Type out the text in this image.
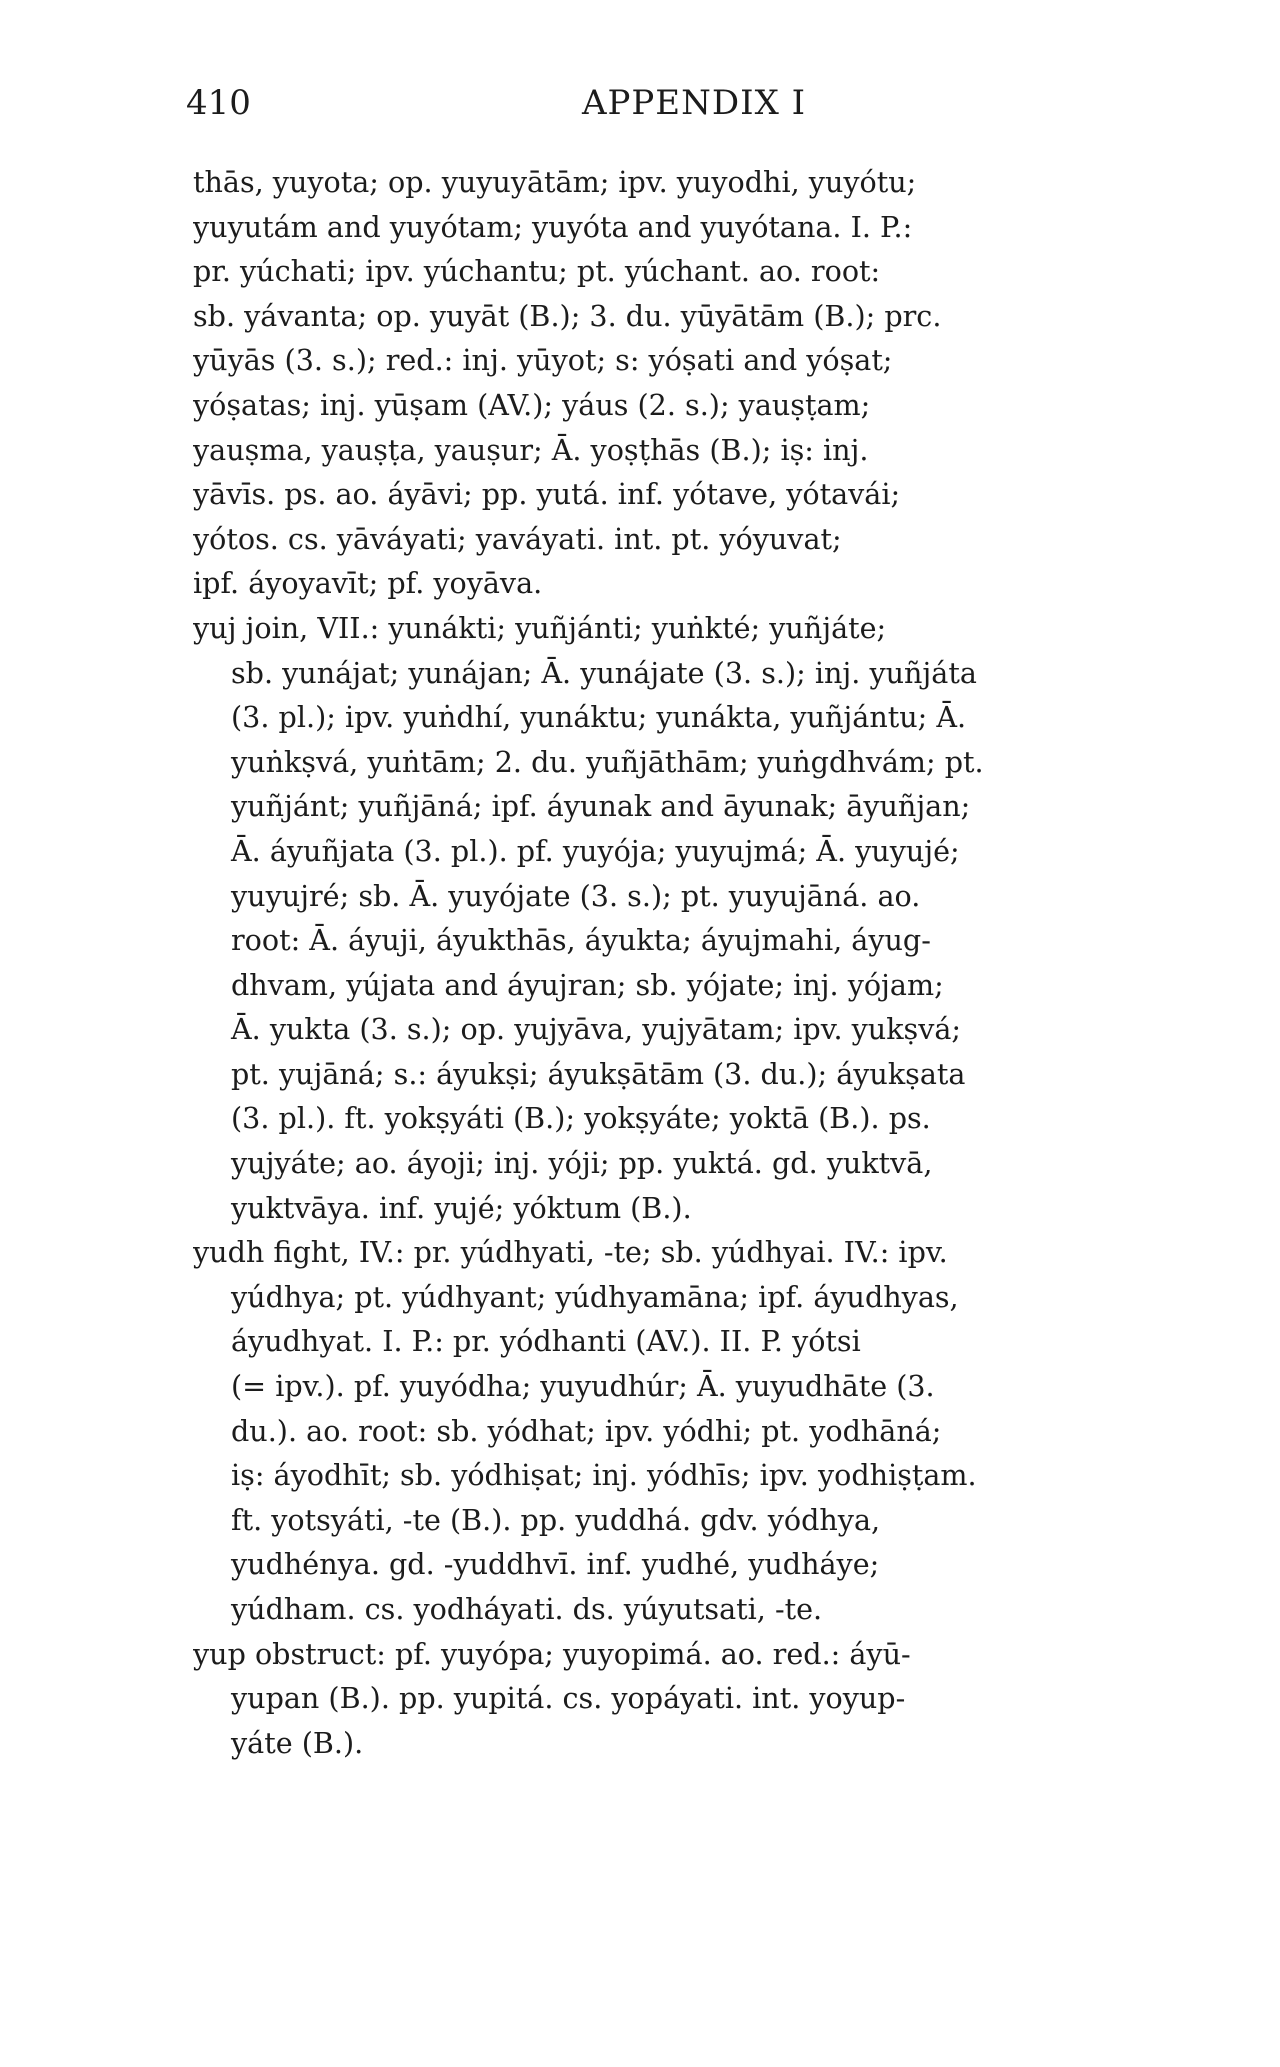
410	APPENDIX I
thās, yuyota; op. yuyuyātām; ipv. yuyodhi, yuyótu;
yuyutám and yuyótam; yuyóta and yuyótana. I. P.:
pr. yúchati; ipv. yúchantu; pt. yúchant. ao. root:
sb. yávanta; op. yuyāt (B.); 3. du. yūyātām (B.); prc.
yūyās (3. s.); red.: inj. yūyot; s: yóṣati and yóṣat;
yóṣatas; inj. yūṣam (AV.); yáus (2. s.); yauṣṭam;
yauṣma, yauṣṭa, yauṣur; Ā. yoṣṭhās (B.); iṣ: inj.
yāvīs. ps. ao. áyāvi; pp. yutá. inf. yótave, yótavái;
yótos. cs. yāváyati; yaváyati. int. pt. yóyuvat;
ipf. áyoyavīt; pf. yoyāva.
yuj join, VII.: yunákti; yuñjánti; yuṅkté; yuñjáte;
sb. yunájat; yunájan; Ā. yunájate (3. s.); inj. yuñjáta
(3. pl.); ipv. yuṅdhí, yunáktu; yunákta, yuñjántu; Ā.
yuṅkṣvá, yuṅtām; 2. du. yuñjāthām; yuṅgdhvám; pt.
yuñjánt; yuñjāná; ipf. áyunak and āyunak; āyuñjan;
Ā. áyuñjata (3. pl.). pf. yuyója; yuyujmá; Ā. yuyujé;
yuyujré; sb. Ā. yuyójate (3. s.); pt. yuyujāná. ao.
root: Ā. áyuji, áyukthās, áyukta; áyujmahi, áyug-
dhvam, yújata and áyujran; sb. yójate; inj. yójam;
Ā. yukta (3. s.); op. yujyāva, yujyātam; ipv. yukṣvá;
pt. yujāná; s.: áyukṣi; áyukṣātām (3. du.); áyukṣata
(3. pl.). ft. yokṣyáti (B.); yokṣyáte; yoktā (B.). ps.
yujyáte; ao. áyoji; inj. yóji; pp. yuktá. gd. yuktvā,
yuktvāya. inf. yujé; yóktum (B.).
yudh fight, IV.: pr. yúdhyati, -te; sb. yúdhyai. IV.: ipv.
yúdhya; pt. yúdhyant; yúdhyamāna; ipf. áyudhyas,
áyudhyat. I. P.: pr. yódhanti (AV.). II. P. yótsi
(= ipv.). pf. yuyódha; yuyudhúr; Ā. yuyudhāte (3.
du.). ao. root: sb. yódhat; ipv. yódhi; pt. yodhāná;
iṣ: áyodhīt; sb. yódhiṣat; inj. yódhīs; ipv. yodhiṣṭam.
ft. yotsyáti, -te (B.). pp. yuddhá. gdv. yódhya,
yudhénya. gd. -yuddhvī. inf. yudhé, yudháye;
yúdham. cs. yodháyati. ds. yúyutsati, -te.
yup obstruct: pf. yuyópa; yuyopimá. ao. red.: áyū-
yupan (B.). pp. yupitá. cs. yopáyati. int. yoyup-
yáte (B.).
